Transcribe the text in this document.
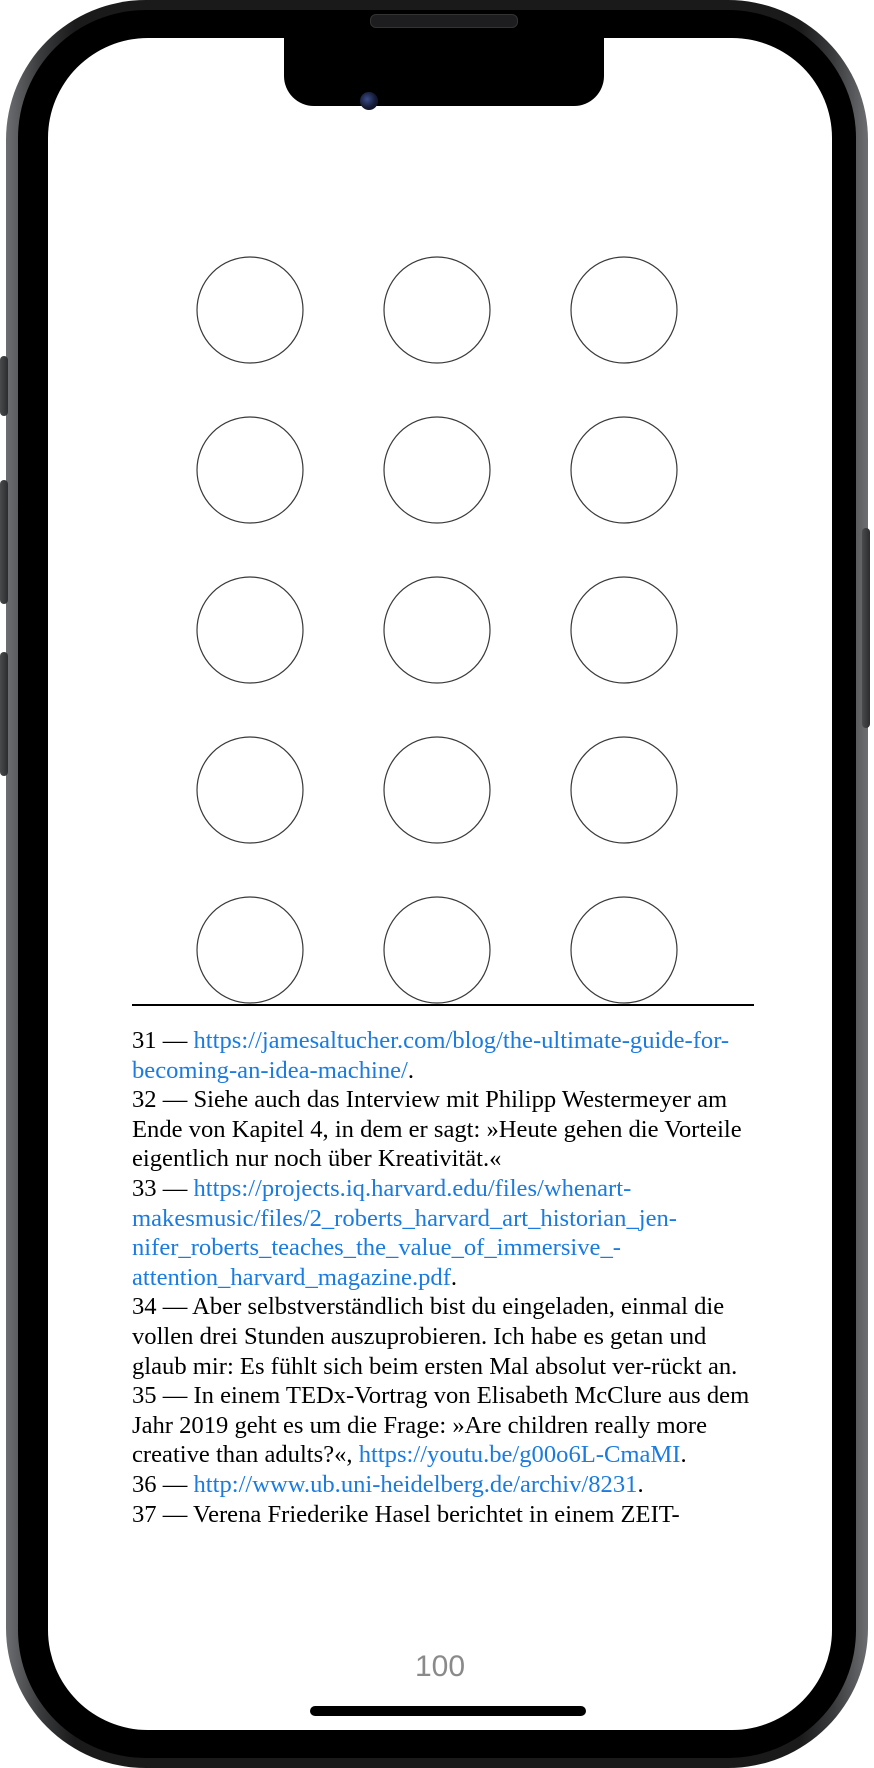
31 — https://jamesaltucher.com/blog/the-ultimate-guide-for-becoming-an-idea-machine/.

32 — Siehe auch das Interview mit Philipp Westermeyer am Ende von Kapitel 4, in dem er sagt: »Heute gehen die Vorteile eigentlich nur noch über Kreativität.«

33 — https://projects.iq.harvard.edu/files/whenart-makesmusic/files/2_roberts_harvard_art_historian_jen-nifer_roberts_teaches_the_value_of_immersive_-attention_harvard_magazine.pdf.

34 — Aber selbstverständlich bist du eingeladen, einmal die vollen drei Stunden auszuprobieren. Ich habe es getan und glaub mir: Es fühlt sich beim ersten Mal absolut ver-rückt an.

35 — In einem TEDx-Vortrag von Elisabeth McClure aus dem Jahr 2019 geht es um die Frage: »Are children really more creative than adults?«, https://youtu.be/g00o6L-CmaMI.

36 — http://www.ub.uni-heidelberg.de/archiv/8231.

37 — Verena Friederike Hasel berichtet in einem ZEIT-

100
